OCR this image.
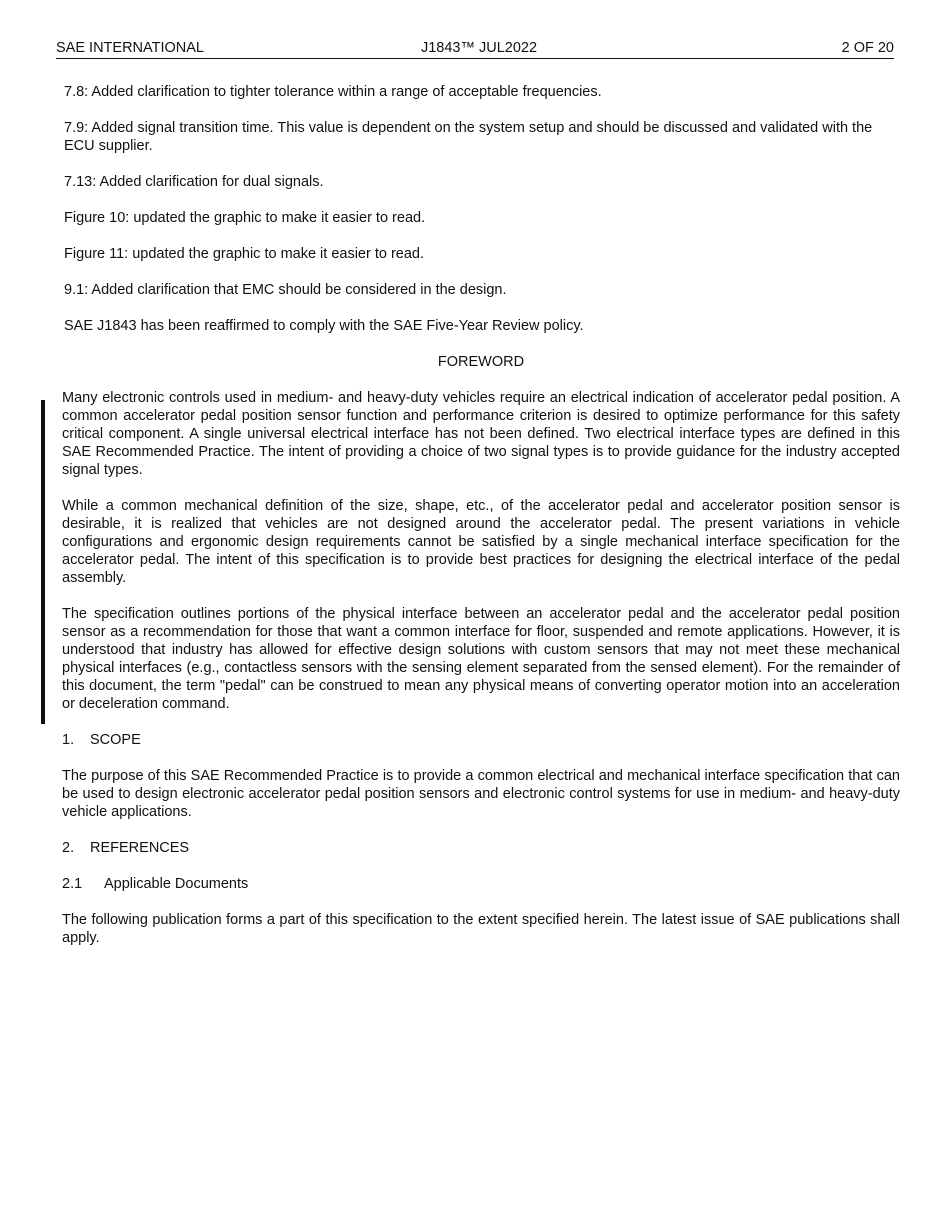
SAE INTERNATIONAL	J1843™ JUL2022	2 OF 20

7.8: Added clarification to tighter tolerance within a range of acceptable frequencies.

7.9: Added signal transition time. This value is dependent on the system setup and should be discussed and validated with the ECU supplier.

7.13: Added clarification for dual signals.

Figure 10: updated the graphic to make it easier to read.

Figure 11: updated the graphic to make it easier to read.

9.1: Added clarification that EMC should be considered in the design.

SAE J1843 has been reaffirmed to comply with the SAE Five-Year Review policy.

FOREWORD

Many electronic controls used in medium- and heavy-duty vehicles require an electrical indication of accelerator pedal position. A common accelerator pedal position sensor function and performance criterion is desired to optimize performance for this safety critical component. A single universal electrical interface has not been defined. Two electrical interface types are defined in this SAE Recommended Practice. The intent of providing a choice of two signal types is to provide guidance for the industry accepted signal types.

While a common mechanical definition of the size, shape, etc., of the accelerator pedal and accelerator position sensor is desirable, it is realized that vehicles are not designed around the accelerator pedal. The present variations in vehicle configurations and ergonomic design requirements cannot be satisfied by a single mechanical interface specification for the accelerator pedal. The intent of this specification is to provide best practices for designing the electrical interface of the pedal assembly.

The specification outlines portions of the physical interface between an accelerator pedal and the accelerator pedal position sensor as a recommendation for those that want a common interface for floor, suspended and remote applications. However, it is understood that industry has allowed for effective design solutions with custom sensors that may not meet these mechanical physical interfaces (e.g., contactless sensors with the sensing element separated from the sensed element). For the remainder of this document, the term "pedal" can be construed to mean any physical means of converting operator motion into an acceleration or deceleration command.

1. SCOPE

The purpose of this SAE Recommended Practice is to provide a common electrical and mechanical interface specification that can be used to design electronic accelerator pedal position sensors and electronic control systems for use in medium- and heavy-duty vehicle applications.

2. REFERENCES
2.1 Applicable Documents

The following publication forms a part of this specification to the extent specified herein. The latest issue of SAE publications shall apply.
